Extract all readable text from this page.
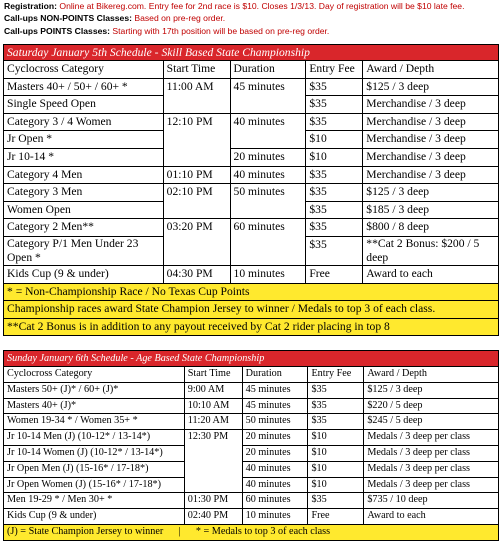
Registration: Online at Bikereg.com. Entry fee for 2nd race is $10. Closes 1/3/13. Day of registration will be $10 late fee.
Call-ups NON-POINTS Classes: Based on pre-reg order.
Call-ups POINTS Classes: Starting with 17th position will be based on pre-reg order.
Saturday January 5th Schedule - Skill Based State Championship				
Cyclocross Category	Start Time	Duration	Entry Fee	Award / Depth
Masters 40+ / 50+ / 60+ *	11:00 AM	45 minutes	$35	$125 / 3 deep
Single Speed Open			$35	Merchandise / 3 deep
Category 3 / 4 Women	12:10 PM	40 minutes	$35	Merchandise / 3 deep
Jr Open *			$10	Merchandise / 3 deep
Jr 10-14 *		20 minutes	$10	Merchandise / 3 deep
Category 4 Men	01:10 PM	40 minutes	$35	Merchandise / 3 deep
Category 3 Men	02:10 PM	50 minutes	$35	$125 / 3 deep
Women Open			$35	$185 / 3 deep
Category 2 Men**	03:20 PM	60 minutes	$35	$800 / 8 deep
Category P/1 Men Under 23 Open *			$35	**Cat 2 Bonus: $200 / 5 deep
Kids Cup (9 & under)	04:30 PM	10 minutes	Free	Award to each
* = Non-Championship Race / No Texas Cup Points				
Championship races award State Champion Jersey to winner / Medals to top 3 of each class.				
**Cat 2 Bonus is in addition to any payout received by Cat 2 rider placing in top 8				
Sunday January 6th Schedule - Age Based State Championship				
Cyclocross Category	Start Time	Duration	Entry Fee	Award / Depth
Masters 50+ (J)* / 60+ (J)*	9:00 AM	45 minutes	$35	$125 / 3 deep
Masters 40+ (J)*	10:10 AM	45 minutes	$35	$220 / 5 deep
Women 19-34 * / Women 35+ *	11:20 AM	50 minutes	$35	$245 / 5 deep
Jr 10-14 Men (J) (10-12* / 13-14*)	12:30 PM	20 minutes	$10	Medals / 3 deep per class
Jr 10-14 Women (J) (10-12* / 13-14*)		20 minutes	$10	Medals / 3 deep per class
Jr Open Men (J) (15-16* / 17-18*)		40 minutes	$10	Medals / 3 deep per class
Jr Open Women (J) (15-16* / 17-18*)		40 minutes	$10	Medals / 3 deep per class
Men 19-29 * / Men 30+ *	01:30 PM	60 minutes	$35	$735 / 10 deep
Kids Cup (9 & under)	02:40 PM	10 minutes	Free	Award to each
(J) = State Champion Jersey to winner      |      * = Medals to top 3 of each class				
